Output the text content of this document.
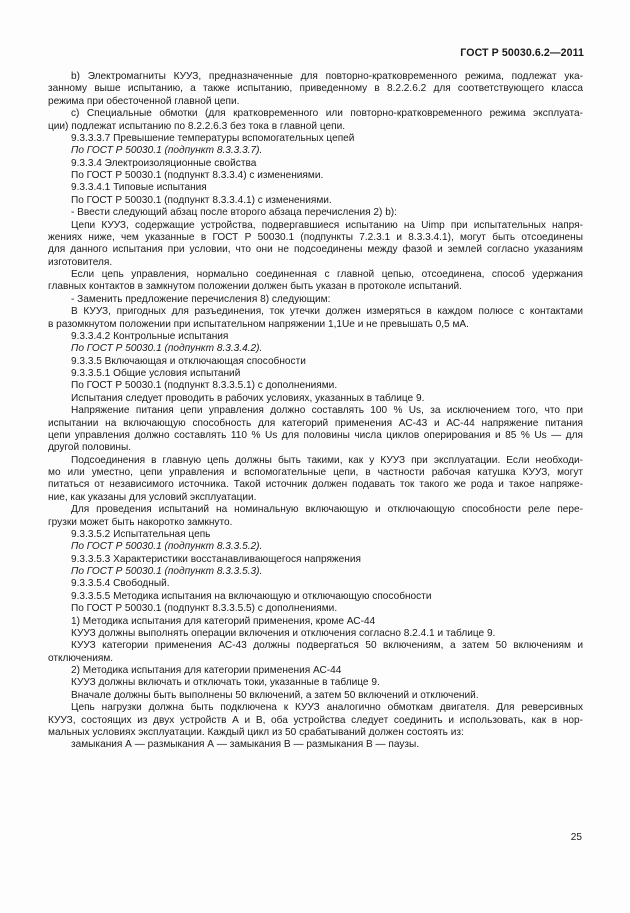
ГОСТ Р 50030.6.2—2011
b) Электромагниты КУУЗ, предназначенные для повторно-кратковременного режима, подлежат ука-
занному выше испытанию, а также испытанию, приведенному в 8.2.2.6.2 для соответствующего класса
режима при обесточенной главной цепи.
c) Специальные обмотки (для кратковременного или повторно-кратковременного режима эксплуата-
ции) подлежат испытанию по 8.2.2.6.3 без тока в главной цепи.
9.3.3.3.7 Превышение температуры вспомогательных цепей
По ГОСТ Р 50030.1 (подпункт 8.3.3.3.7).
9.3.3.4 Электроизоляционные свойства
По ГОСТ Р 50030.1 (подпункт 8.3.3.4) с изменениями.
9.3.3.4.1 Типовые испытания
По ГОСТ Р 50030.1 (подпункт 8.3.3.4.1) с изменениями.
- Ввести следующий абзац после второго абзаца перечисления 2) b):
Цепи КУУЗ, содержащие устройства, подвергавшиеся испытанию на Uimp при испытательных напря-
жениях ниже, чем указанные в ГОСТ Р 50030.1 (подпункты 7.2.3.1 и 8.3.3.4.1), могут быть отсоединены
для данного испытания при условии, что они не подсоединены между фазой и землей согласно указаниям
изготовителя.
Если цепь управления, нормально соединенная с главной цепью, отсоединена, способ удержания
главных контактов в замкнутом положении должен быть указан в протоколе испытаний.
- Заменить предложение перечисления 8) следующим:
В КУУЗ, пригодных для разъединения, ток утечки должен измеряться в каждом полюсе с контактами
в разомкнутом положении при испытательном напряжении 1,1Ue и не превышать 0,5 мА.
9.3.3.4.2 Контрольные испытания
По ГОСТ Р 50030.1 (подпункт 8.3.3.4.2).
9.3.3.5 Включающая и отключающая способности
9.3.3.5.1 Общие условия испытаний
По ГОСТ Р 50030.1 (подпункт 8.3.3.5.1) с дополнениями.
Испытания следует проводить в рабочих условиях, указанных в таблице 9.
Напряжение питания цепи управления должно составлять 100 % Us, за исключением того, что при
испытании на включающую способность для категорий применения АС-43 и АС-44 напряжение питания
цепи управления должно составлять 110 % Us для половины числа циклов оперирования и 85 % Us — для
другой половины.
Подсоединения в главную цепь должны быть такими, как у КУУЗ при эксплуатации. Если необходи-
мо или уместно, цепи управления и вспомогательные цепи, в частности рабочая катушка КУУЗ, могут
питаться от независимого источника. Такой источник должен подавать ток такого же рода и такое напряже-
ние, как указаны для условий эксплуатации.
Для проведения испытаний на номинальную включающую и отключающую способности реле пере-
грузки может быть накоротко замкнуто.
9.3.3.5.2 Испытательная цепь
По ГОСТ Р 50030.1 (подпункт 8.3.3.5.2).
9.3.3.5.3 Характеристики восстанавливающегося напряжения
По ГОСТ Р 50030.1 (подпункт 8.3.3.5.3).
9.3.3.5.4 Свободный.
9.3.3.5.5 Методика испытания на включающую и отключающую способности
По ГОСТ Р 50030.1 (подпункт 8.3.3.5.5) с дополнениями.
1) Методика испытания для категорий применения, кроме АС-44
КУУЗ должны выполнять операции включения и отключения согласно 8.2.4.1 и таблице 9.
КУУЗ категории применения АС-43 должны подвергаться 50 включениям, а затем 50 включениям и
отключениям.
2) Методика испытания для категории применения АС-44
КУУЗ должны включать и отключать токи, указанные в таблице 9.
Вначале должны быть выполнены 50 включений, а затем 50 включений и отключений.
Цепь нагрузки должна быть подключена к КУУЗ аналогично обмоткам двигателя. Для реверсивных
КУУЗ, состоящих из двух устройств А и В, оба устройства следует соединить и использовать, как в нор-
мальных условиях эксплуатации. Каждый цикл из 50 срабатываний должен состоять из:
замыкания А — размыкания А — замыкания В — размыкания В — паузы.
25
